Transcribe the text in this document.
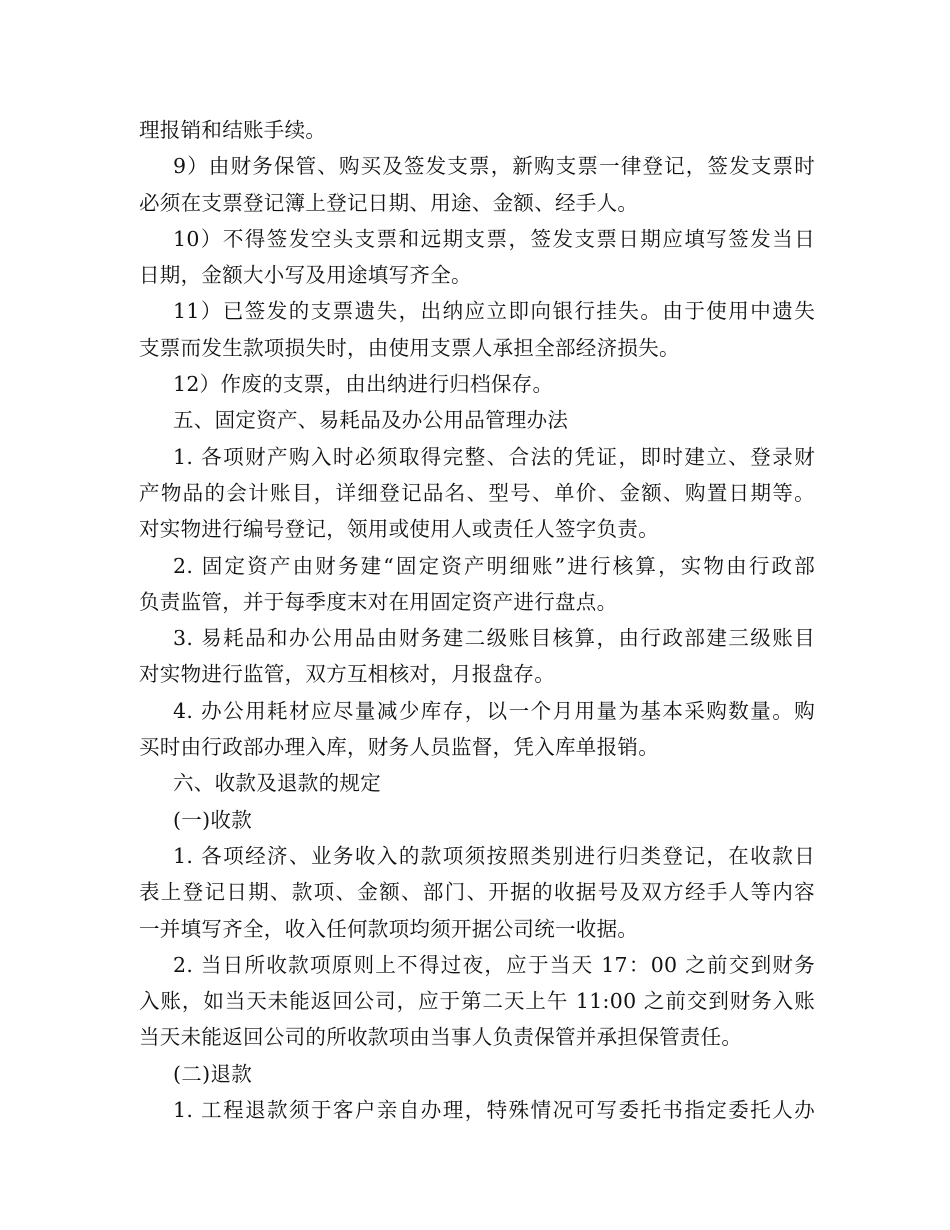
理报销和结账手续。
9）由财务保管、购买及签发支票，新购支票一律登记，签发支票时
必须在支票登记簿上登记日期、用途、金额、经手人。
10）不得签发空头支票和远期支票，签发支票日期应填写签发当日
日期，金额大小写及用途填写齐全。
11）已签发的支票遗失，出纳应立即向银行挂失。由于使用中遗失
支票而发生款项损失时，由使用支票人承担全部经济损失。
12）作废的支票，由出纳进行归档保存。
五、固定资产、易耗品及办公用品管理办法
1. 各项财产购入时必须取得完整、合法的凭证，即时建立、登录财
产物品的会计账目，详细登记品名、型号、单价、金额、购置日期等。
对实物进行编号登记，领用或使用人或责任人签字负责。
2. 固定资产由财务建“固定资产明细账”进行核算，实物由行政部
负责监管，并于每季度末对在用固定资产进行盘点。
3. 易耗品和办公用品由财务建二级账目核算，由行政部建三级账目
对实物进行监管，双方互相核对，月报盘存。
4. 办公用耗材应尽量减少库存，以一个月用量为基本采购数量。购
买时由行政部办理入库，财务人员监督，凭入库单报销。
六、收款及退款的规定
(一)收款
1. 各项经济、业务收入的款项须按照类别进行归类登记，在收款日
表上登记日期、款项、金额、部门、开据的收据号及双方经手人等内容
一并填写齐全，收入任何款项均须开据公司统一收据。
2. 当日所收款项原则上不得过夜，应于当天 17：00 之前交到财务
入账，如当天未能返回公司，应于第二天上午 11:00 之前交到财务入账
当天未能返回公司的所收款项由当事人负责保管并承担保管责任。
(二)退款
1. 工程退款须于客户亲自办理，特殊情况可写委托书指定委托人办
